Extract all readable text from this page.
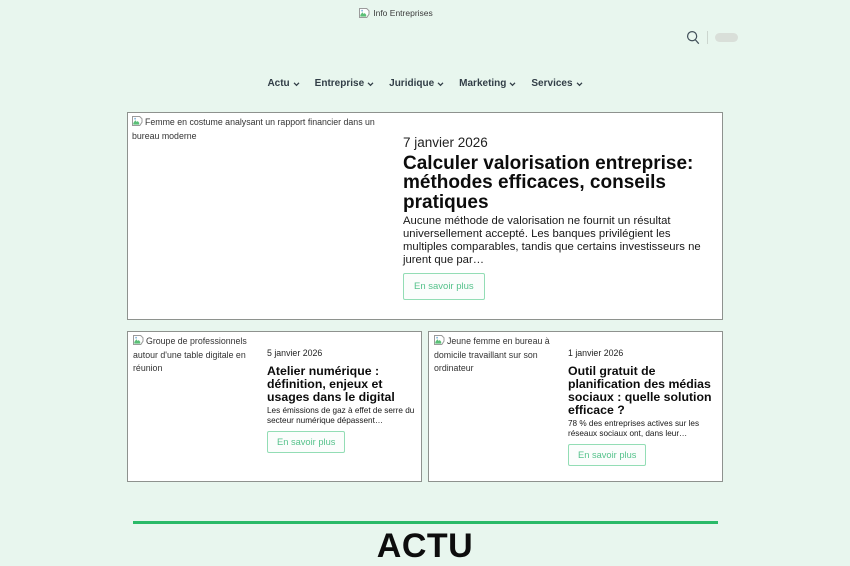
Info Entreprises
Actu	Entreprise	Juridique	Marketing	Services
Femme en costume analysant un rapport financier dans un bureau moderne	7 janvier 2026
Calculer valorisation entreprise: méthodes efficaces, conseils pratiques

Aucune méthode de valorisation ne fournit un résultat universellement accepté. Les banques privilégient les multiples comparables, tandis que certains investisseurs ne jurent que par…

En savoir plus
Groupe de professionnels autour d'une table digitale en réunion
5 janvier 2026
Atelier numérique : définition, enjeux et usages dans le digital

Les émissions de gaz à effet de serre du secteur numérique dépassent…

En savoir plus
Jeune femme en bureau à domicile travaillant sur son ordinateur
1 janvier 2026
Outil gratuit de planification des médias sociaux : quelle solution efficace ?

78 % des entreprises actives sur les réseaux sociaux ont, dans leur…

En savoir plus
ACTU
